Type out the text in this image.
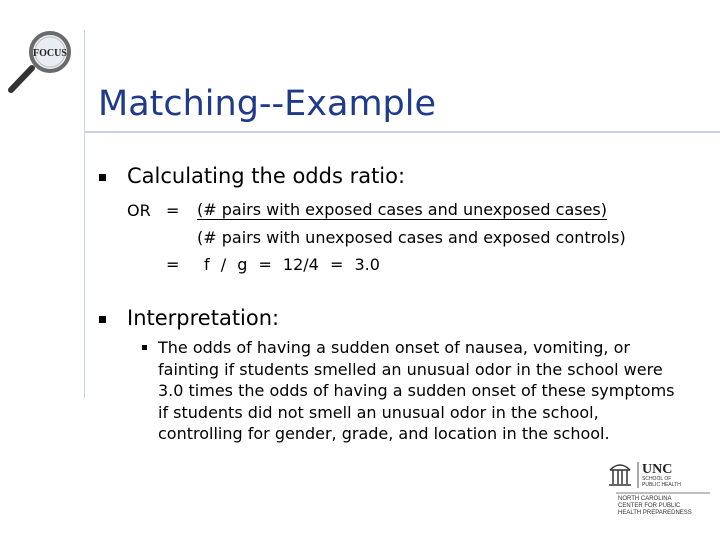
FOCUS
Matching--Example
Calculating the odds ratio:
OR = (# pairs with exposed cases and unexposed cases)
(# pairs with unexposed cases and exposed controls)
= f / g = 12/4 = 3.0
Interpretation:
The odds of having a sudden onset of nausea, vomiting, or fainting if students smelled an unusual odor in the school were 3.0 times the odds of having a sudden onset of these symptoms if students did not smell an unusual odor in the school, controlling for gender, grade, and location in the school.
UNC
SCHOOL OF
PUBLIC HEALTH
NORTH CAROLINA
CENTER FOR PUBLIC
HEALTH PREPAREDNESS
